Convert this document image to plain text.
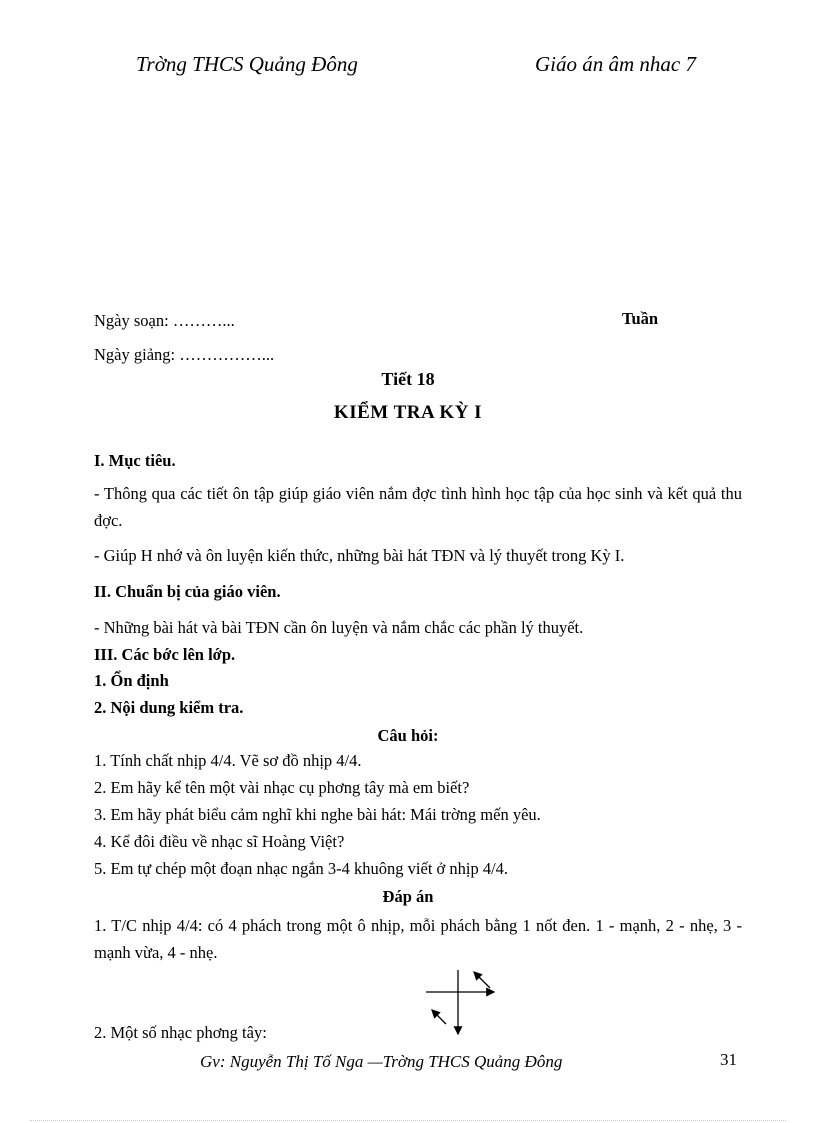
Trờng THCS Quảng Đông	Giáo án âm nhac 7
Ngày soạn: ………...	Tuần
Ngày giảng: ……………...
Tiết 18
KIỂM TRA KỲ I
I. Mục tiêu.
- Thông qua các tiết ôn tập giúp giáo viên nắm đợc tình hình học tập của học sinh và kết quả thu đợc.
- Giúp H nhớ và ôn luyện kiến thức, những bài hát TĐN và lý thuyết trong Kỳ I.
II. Chuẩn bị của giáo viên.
- Những bài hát và bài TĐN cần ôn luyện và nắm chắc các phần lý thuyết.
III. Các bớc lên lớp.
1. Ổn định
2. Nội dung kiểm tra.
Câu hỏi:
1. Tính chất nhịp 4/4. Vẽ sơ đồ nhịp 4/4.
2. Em hãy kể tên một vài nhạc cụ phơng tây mà em biết?
3. Em hãy phát biểu cảm nghĩ khi nghe bài hát: Mái trờng mến yêu.
4. Kể đôi điều về nhạc sĩ Hoàng Việt?
5. Em tự chép một đoạn nhạc ngắn 3-4 khuông viết ở nhịp 4/4.
Đáp án
1. T/C nhịp 4/4: có 4 phách trong một ô nhịp, mỗi phách bằng 1 nốt đen. 1 - mạnh, 2 - nhẹ, 3 - mạnh vừa, 4 - nhẹ.
2. Một số nhạc phơng tây:
Gv: Nguyễn Thị Tố Nga —Trờng THCS Quảng Đông	31
